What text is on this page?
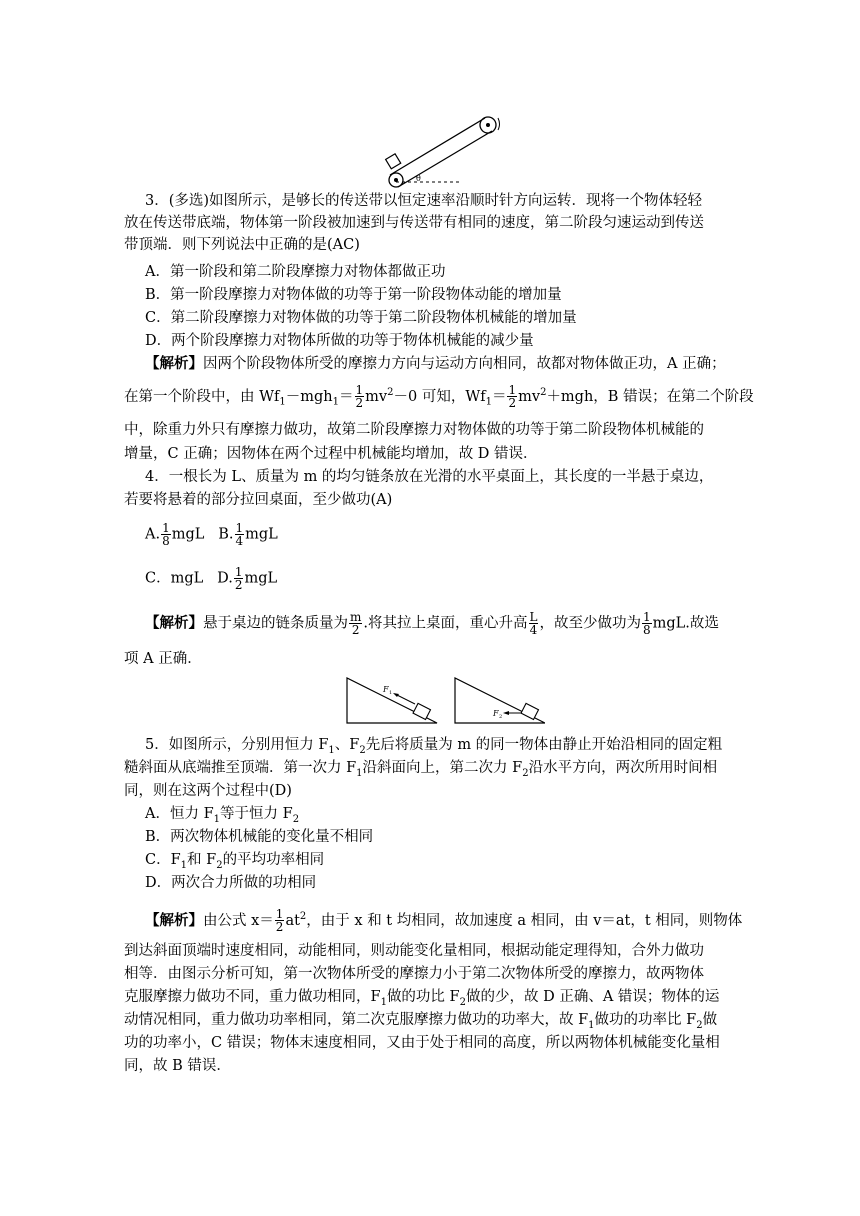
θ
3．(多选)如图所示，是够长的传送带以恒定速率沿顺时针方向运转．现将一个物体轻轻
放在传送带底端，物体第一阶段被加速到与传送带有相同的速度，第二阶段匀速运动到传送
带顶端．则下列说法中正确的是(AC)
A．第一阶段和第二阶段摩擦力对物体都做正功
B．第一阶段摩擦力对物体做的功等于第一阶段物体动能的增加量
C．第二阶段摩擦力对物体做的功等于第二阶段物体机械能的增加量
D．两个阶段摩擦力对物体所做的功等于物体机械能的减少量
【解析】因两个阶段物体所受的摩擦力方向与运动方向相同，故都对物体做正功，A 正确；
在第一个阶段中，由 $Wf_1-mgh_1= \frac{1}{2} mv^2-0$ 可知，$Wf_1= \frac{1}{2} mv^2+mgh$，B 错误；在第二个阶段
中，除重力外只有摩擦力做功，故第二阶段摩擦力对物体做的功等于第二阶段物体机械能的
增量，C 正确；因物体在两个过程中机械能均增加，故 D 错误．
4．一根长为 L、质量为 m 的均匀链条放在光滑的水平桌面上，其长度的一半悬于桌边，
若要将悬着的部分拉回桌面，至少做功(A)
A. $\frac{1}{8}$ mgL B. $\frac{1}{4}$ mgL
C．mgL D. $\frac{1}{2}$ mgL
【解析】悬于桌边的链条质量为 $\frac{m}{2}$ .将其拉上桌面，重心升高 $\frac{L}{4}$ ，故至少做功为 $\frac{1}{8}$ mgL.故选
项 A 正确．
F 1
F 2
5．如图所示，分别用恒力 $F_1$、$F_2$先后将质量为 m 的同一物体由静止开始沿相同的固定粗
糙斜面从底端推至顶端．第一次力 $F_1$沿斜面向上，第二次力 $F_2$沿水平方向，两次所用时间相
同，则在这两个过程中(D)
A．恒力 $F_1$等于恒力 $F_2$
B．两次物体机械能的变化量不相同
C．$F_1$和 $F_2$的平均功率相同
D．两次合力所做的功相同
【解析】由公式 $x= \frac{1}{2} at^2$，由于 x 和 t 均相同，故加速度 a 相同，由 v＝at，t 相同，则物体
到达斜面顶端时速度相同，动能相同，则动能变化量相同，根据动能定理得知，合外力做功
相等．由图示分析可知，第一次物体所受的摩擦力小于第二次物体所受的摩擦力，故两物体
克服摩擦力做功不同，重力做功相同，$F_1$做的功比 $F_2$做的少，故 D 正确、A 错误；物体的运
动情况相同，重力做功功率相同，第二次克服摩擦力做功的功率大，故 $F_1$做功的功率比 $F_2$做
功的功率小，C 错误；物体末速度相同，又由于处于相同的高度，所以两物体机械能变化量相
同，故 B 错误．
